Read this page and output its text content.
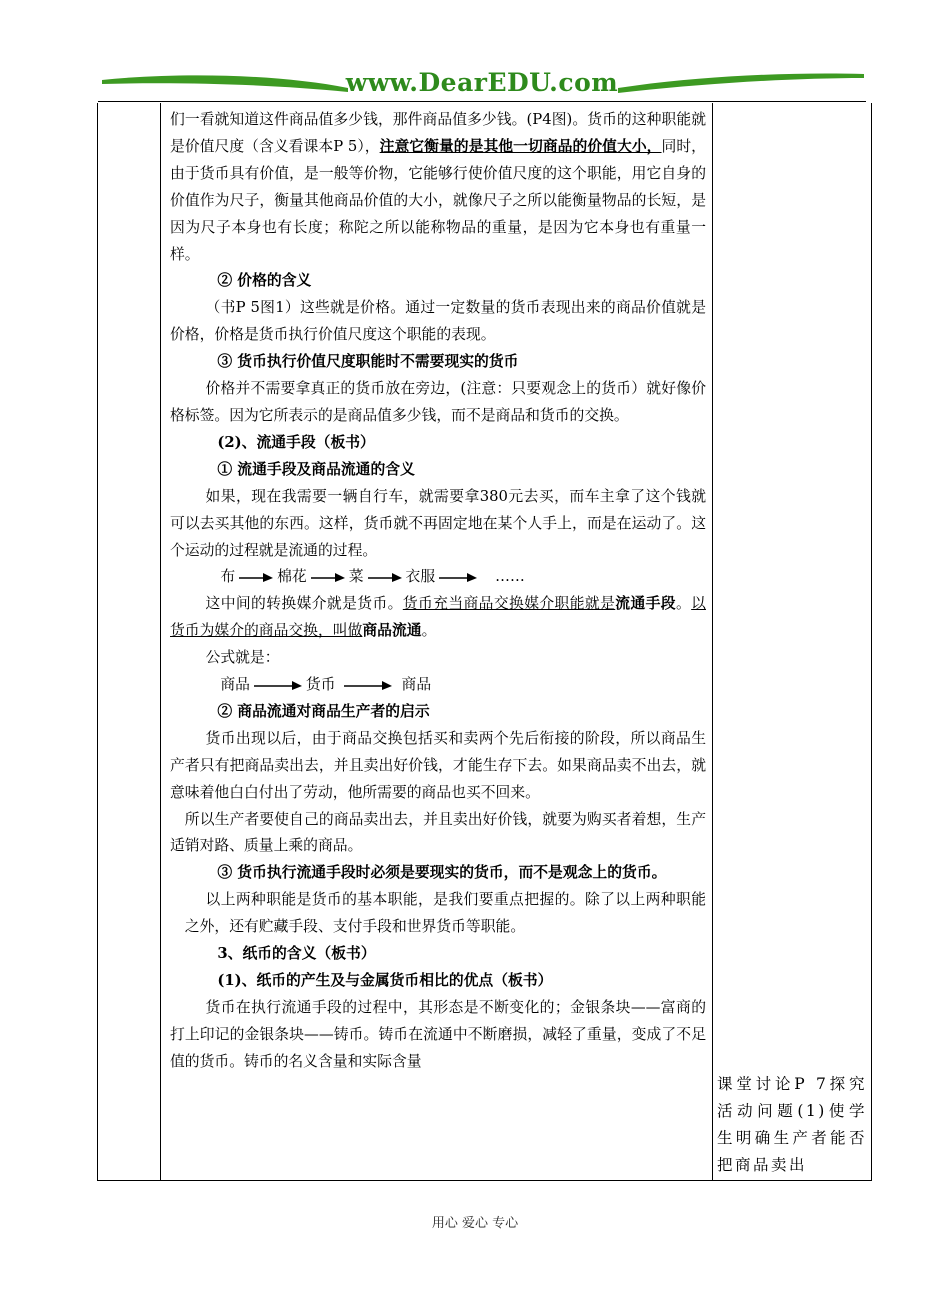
www.DearEDU.com

们一看就知道这件商品值多少钱，那件商品值多少钱。(P4图)。货币的这种职能就是价值尺度（含义看课本P 5），注意它衡量的是其他一切商品的价值大小，同时，由于货币具有价值，是一般等价物，它能够行使价值尺度的这个职能，用它自身的价值作为尺子，衡量其他商品价值的大小，就像尺子之所以能衡量物品的长短，是因为尺子本身也有长度；称陀之所以能称物品的重量，是因为它本身也有重量一样。

② 价格的含义

（书P 5图1）这些就是价格。通过一定数量的货币表现出来的商品价值就是价格，价格是货币执行价值尺度这个职能的表现。

③ 货币执行价值尺度职能时不需要现实的货币

价格并不需要拿真正的货币放在旁边，(注意：只要观念上的货币）就好像价格标签。因为它所表示的是商品值多少钱，而不是商品和货币的交换。

(2)、流通手段（板书）

① 流通手段及商品流通的含义

如果，现在我需要一辆自行车，就需要拿380元去买，而车主拿了这个钱就可以去买其他的东西。这样，货币就不再固定地在某个人手上，而是在运动了。这个运动的过程就是流通的过程。

布	棉花	菜	衣服	……

这中间的转换媒介就是货币。货币充当商品交换媒介职能就是流通手段。以货币为媒介的商品交换，叫做商品流通。

公式就是：

商品	货币	商品

② 商品流通对商品生产者的启示

货币出现以后，由于商品交换包括买和卖两个先后衔接的阶段，所以商品生产者只有把商品卖出去，并且卖出好价钱，才能生存下去。如果商品卖不出去，就意味着他白白付出了劳动，他所需要的商品也买不回来。

所以生产者要使自己的商品卖出去，并且卖出好价钱，就要为购买者着想，生产适销对路、质量上乘的商品。

③ 货币执行流通手段时必须是要现实的货币，而不是观念上的货币。

以上两种职能是货币的基本职能，是我们要重点把握的。除了以上两种职能之外，还有贮藏手段、支付手段和世界货币等职能。

3、纸币的含义（板书）

(1)、纸币的产生及与金属货币相比的优点（板书）

货币在执行流通手段的过程中，其形态是不断变化的；金银条块——富商的打上印记的金银条块——铸币。铸币在流通中不断磨损，减轻了重量，变成了不足值的货币。铸币的名义含量和实际含量

课堂讨论P 7探究活动问题(1)使学生明确生产者能否把商品卖出
用心 爱心 专心
